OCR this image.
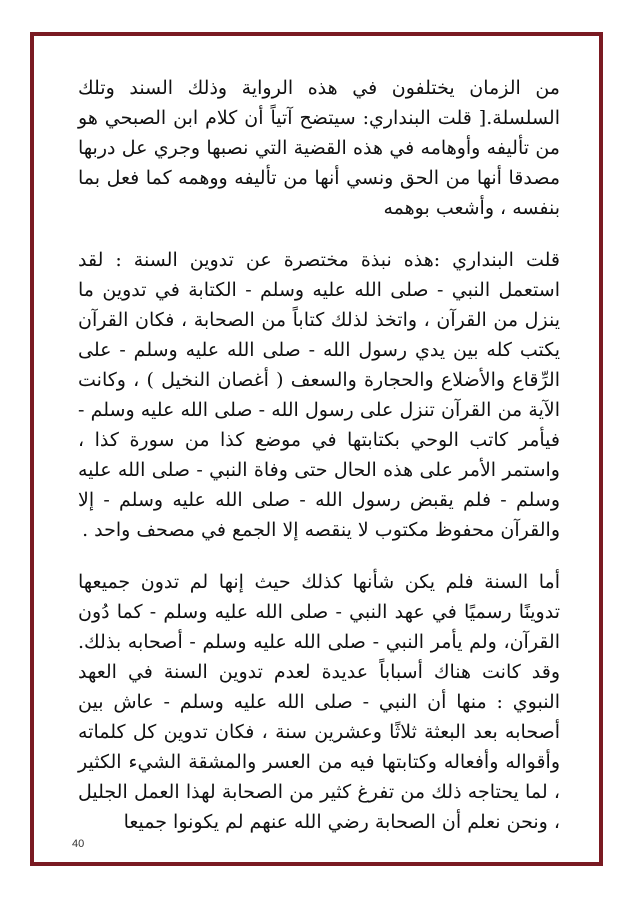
من الزمان يختلفون في هذه الرواية وذلك السند وتلك السلسلة.[ قلت البنداري: سيتضح آتياً أن كلام ابن الصبحي هو من تأليفه وأوهامه في هذه القضية التي نصبها وجري عل دربها مصدقا أنها من الحق ونسي أنها من تأليفه ووهمه كما فعل بما بنفسه ، وأشعب بوهمه

قلت البنداري :هذه نبذة مختصرة عن تدوين السنة : لقد استعمل النبي - صلى الله عليه وسلم - الكتابة في تدوين ما ينزل من القرآن ، واتخذ لذلك كتاباً من الصحابة ، فكان القرآن يكتب كله بين يدي رسول الله - صلى الله عليه وسلم - على الرِّقاع والأضلاع والحجارة والسعف ( أغصان النخيل ) ، وكانت الآية من القرآن تنزل على رسول الله - صلى الله عليه وسلم - فيأمر كاتب الوحي بكتابتها في موضع كذا من سورة كذا ، واستمر الأمر على هذه الحال حتى وفاة النبي - صلى الله عليه وسلم - فلم يقبض رسول الله - صلى الله عليه وسلم - إلا والقرآن محفوظ مكتوب لا ينقصه إلا الجمع في مصحف واحد .

أما السنة فلم يكن شأنها كذلك حيث إنها لم تدون جميعها تدوينًا رسميًا في عهد النبي - صلى الله عليه وسلم - كما دُون القرآن، ولم يأمر النبي - صلى الله عليه وسلم - أصحابه بذلك. وقد كانت هناك أسباباً عديدة لعدم تدوين السنة في العهد النبوي : منها أن النبي - صلى الله عليه وسلم - عاش بين أصحابه بعد البعثة ثلاثًا وعشرين سنة ، فكان تدوين كل كلماته وأقواله وأفعاله وكتابتها فيه من العسر والمشقة الشيء الكثير ، لما يحتاجه ذلك من تفرغ كثير من الصحابة لهذا العمل الجليل ، ونحن نعلم أن الصحابة رضي الله عنهم لم يكونوا جميعا

40
